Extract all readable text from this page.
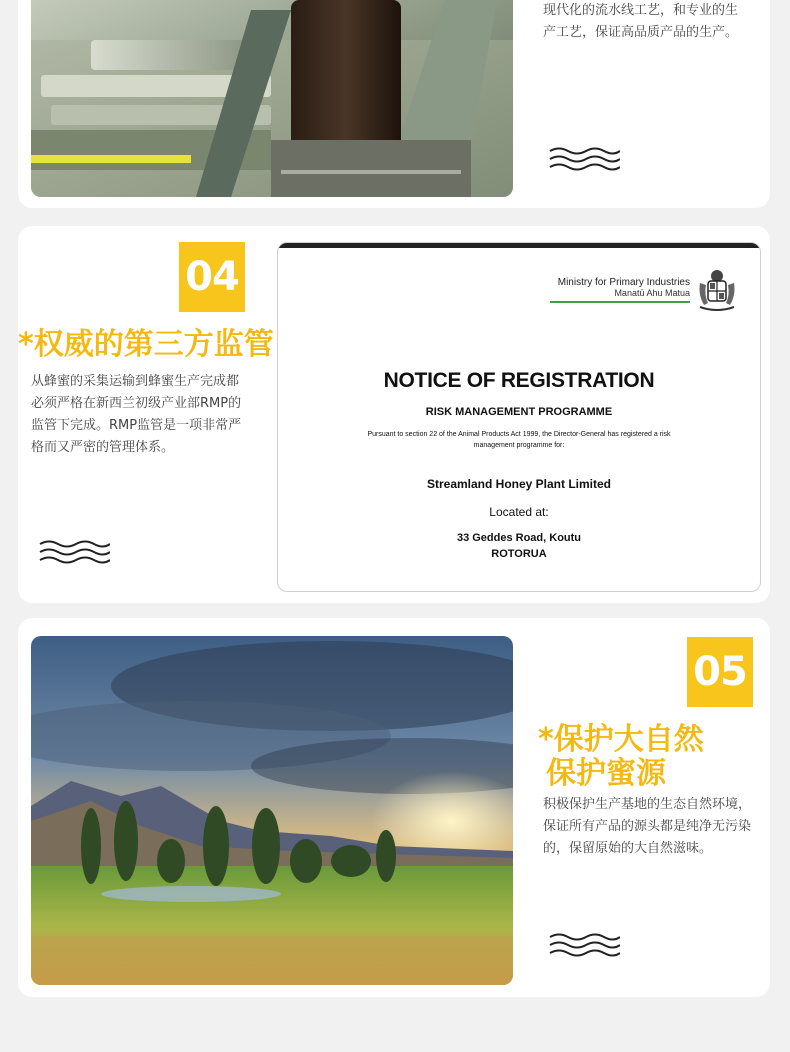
现代化的流水线工艺，和专业的生
产工艺，保证高品质产品的生产。
04
*权威的第三方监管
从蜂蜜的采集运输到蜂蜜生产完成都
必须严格在新西兰初级产业部RMP的
监管下完成。RMP监管是一项非常严
格而又严密的管理体系。
Ministry for Primary Industries
Manatū Ahu Matua
NOTICE OF REGISTRATION
RISK MANAGEMENT PROGRAMME
Pursuant to section 22 of the Animal Products Act 1999, the Director-General has registered a risk
management programme for:
Streamland Honey Plant Limited
Located at:
33 Geddes Road, Koutu
ROTORUA
05
*保护大自然
保护蜜源
积极保护生产基地的生态自然环境，
保证所有产品的源头都是纯净无污染
的，保留原始的大自然滋味。
